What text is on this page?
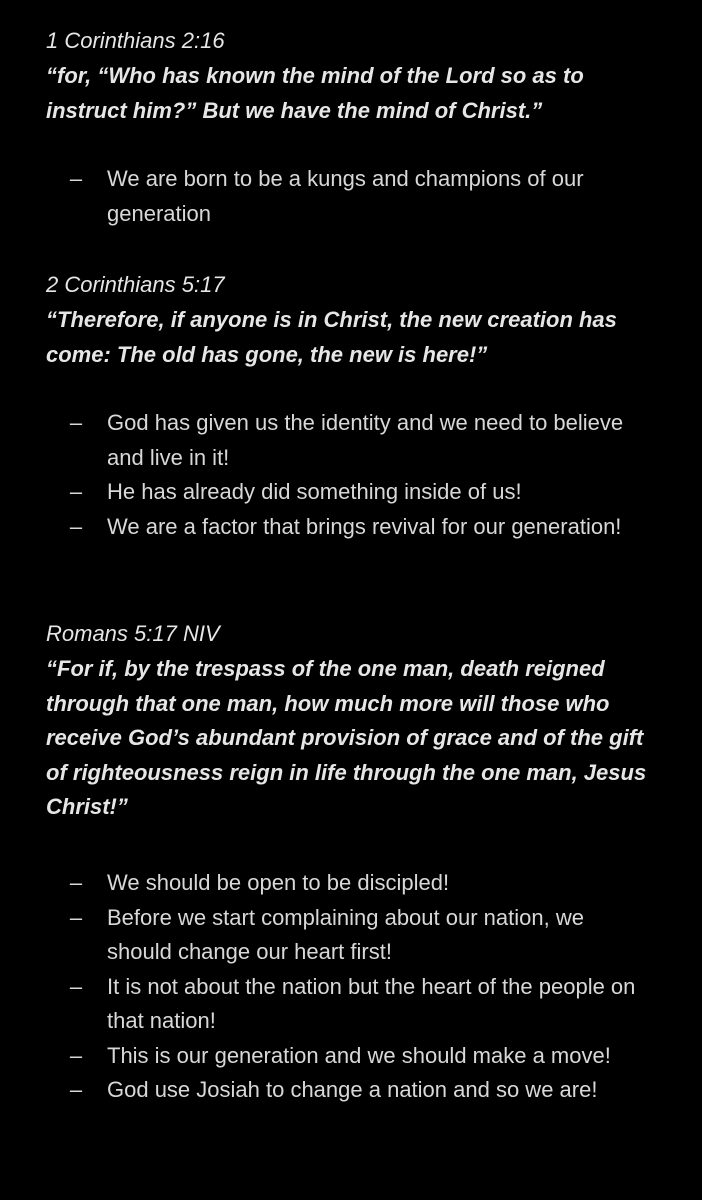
1 Corinthians 2:16
“for, “Who has known the mind of the Lord so as to instruct him?” But we have the mind of Christ.”
– We are born to be a kungs and champions of our generation
2 Corinthians 5:17
“Therefore, if anyone is in Christ, the new creation has come: The old has gone, the new is here!”
– God has given us the identity and we need to believe and live in it!
– He has already did something inside of us!
– We are a factor that brings revival for our generation!
Romans 5:17 NIV
“For if, by the trespass of the one man, death reigned through that one man, how much more will those who receive God’s abundant provision of grace and of the gift of righteousness reign in life through the one man, Jesus Christ!”
– We should be open to be discipled!
– Before we start complaining about our nation, we should change our heart first!
– It is not about the nation but the heart of the people on that nation!
– This is our generation and we should make a move!
– God use Josiah to change a nation and so we are!
